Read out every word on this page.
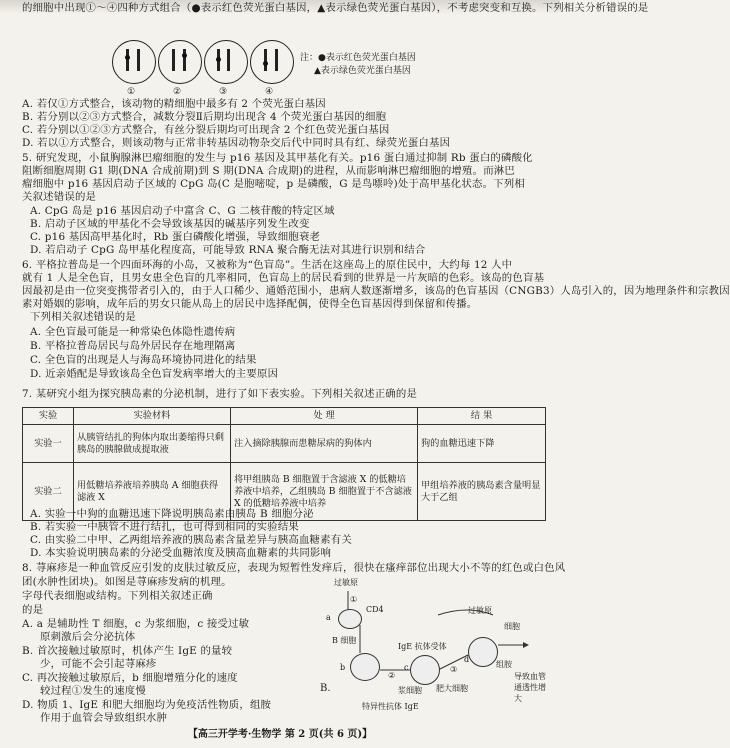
的细胞中出现①～④四种方式组合（●表示红色荧光蛋白基因，▲表示绿色荧光蛋白基因），不考虑突变和互换。下列相关分析错误的是
①	②	③	④
注：●表示红色荧光蛋白基因
▲表示绿色荧光蛋白基因
A. 若仅①方式整合，该动物的精细胞中最多有 2 个荧光蛋白基因
B. 若分别以②③方式整合，减数分裂Ⅱ后期均出现含 4 个荧光蛋白基因的细胞
C. 若分别以①②③方式整合，有丝分裂后期均可出现含 2 个红色荧光蛋白基因
D. 若以①方式整合，则该动物与正常非转基因动物杂交后代中同时具有红、绿荧光蛋白基因
5. 研究发现，小鼠胸腺淋巴瘤细胞的发生与 p16 基因及其甲基化有关。p16 蛋白通过抑制 Rb 蛋白的磷酸化
阻断细胞周期 G1 期(DNA 合成前期)到 S 期(DNA 合成期)的进程，从而影响淋巴瘤细胞的增殖。而淋巴
瘤细胞中 p16 基因启动子区域的 CpG 岛(C 是胞嘧啶，p 是磷酸，G 是鸟嘌呤)处于高甲基化状态。下列相
关叙述错误的是
A. CpG 岛是 p16 基因启动子中富含 C、G 二核苷酸的特定区域
B. 启动子区域的甲基化不会导致该基因的碱基序列发生改变
C. p16 基因高甲基化时，Rb 蛋白磷酸化增强，导致细胞衰老
D. 若启动子 CpG 岛甲基化程度高，可能导致 RNA 聚合酶无法对其进行识别和结合
6. 平格拉普岛是一个四面环海的小岛，又被称为“色盲岛”。生活在这座岛上的原住民中，大约每 12 人中
就有 1 人是全色盲，且男女患全色盲的几率相同，色盲岛上的居民看到的世界是一片灰暗的色彩。该岛的色盲基
因最初是由一位突变携带者引入的，由于人口稀少、通婚范围小，患病人数逐渐增多，该岛的色盲基因（CNGB3）人岛引入的，因为地理条件和宗教因
素对婚姻的影响，成年后的男女只能从岛上的居民中选择配偶，使得全色盲基因得到保留和传播。
下列相关叙述错误的是
A. 全色盲最可能是一种常染色体隐性遗传病
B. 平格拉普岛居民与岛外居民存在地理隔离
C. 全色盲的出现是人与海岛环境协同进化的结果
D. 近亲婚配是导致该岛全色盲发病率增大的主要原因
7. 某研究小组为探究胰岛素的分泌机制，进行了如下表实验。下列相关叙述正确的是
实验	实验材料	处 理	结 果
实验一	从胰管结扎的狗体内取出萎缩得只剩胰岛的胰腺做成提取液	注入摘除胰腺而患糖尿病的狗体内	狗的血糖迅速下降
实验二	用低糖培养液培养胰岛 A 细胞获得滤液 X	将甲组胰岛 B 细胞置于含滤液 X 的低糖培养液中培养，乙组胰岛 B 细胞置于不含滤液 X 的低糖培养液中培养	甲组培养液的胰岛素含量明显大于乙组
A. 实验一中狗的血糖迅速下降说明胰岛素由胰岛 B 细胞分泌
B. 若实验一中胰管不进行结扎，也可得到相同的实验结果
C. 由实验二中甲、乙两组培养液的胰岛素含量差异与胰高血糖素有关
D. 本实验说明胰岛素的分泌受血糖浓度及胰高血糖素的共同影响
8. 荨麻疹是一种血管反应引发的皮肤过敏反应，表现为短暂性发痒后，很快在瘙痒部位出现大小不等的红色或白色风
团(水肿性团块)。如图是荨麻疹发病的机理。
字母代表细胞或结构。下列相关叙述正确
的是
A. a 是辅助性 T 细胞，c 为浆细胞，c 接受过敏
原刺激后会分泌抗体
B. 首次接触过敏原时，机体产生 IgE 的量较
少，可能不会引起荨麻疹
C. 再次接触过敏原后，b 细胞增殖分化的速度
较过程①发生的速度慢
D. 物质 1、IgE 和肥大细胞均为免疫活性物质，组胺
作用于血管会导致组织水肿
过敏原
CD4
a
B 细胞
b
IgE 抗体受体
过敏原
肥大细胞
细胞
组胺
导致血管通透性增大
浆细胞
c
d
特异性抗体 IgE
①
②
③
B.
【高三开学考·生物学 第 2 页(共 6 页)】
